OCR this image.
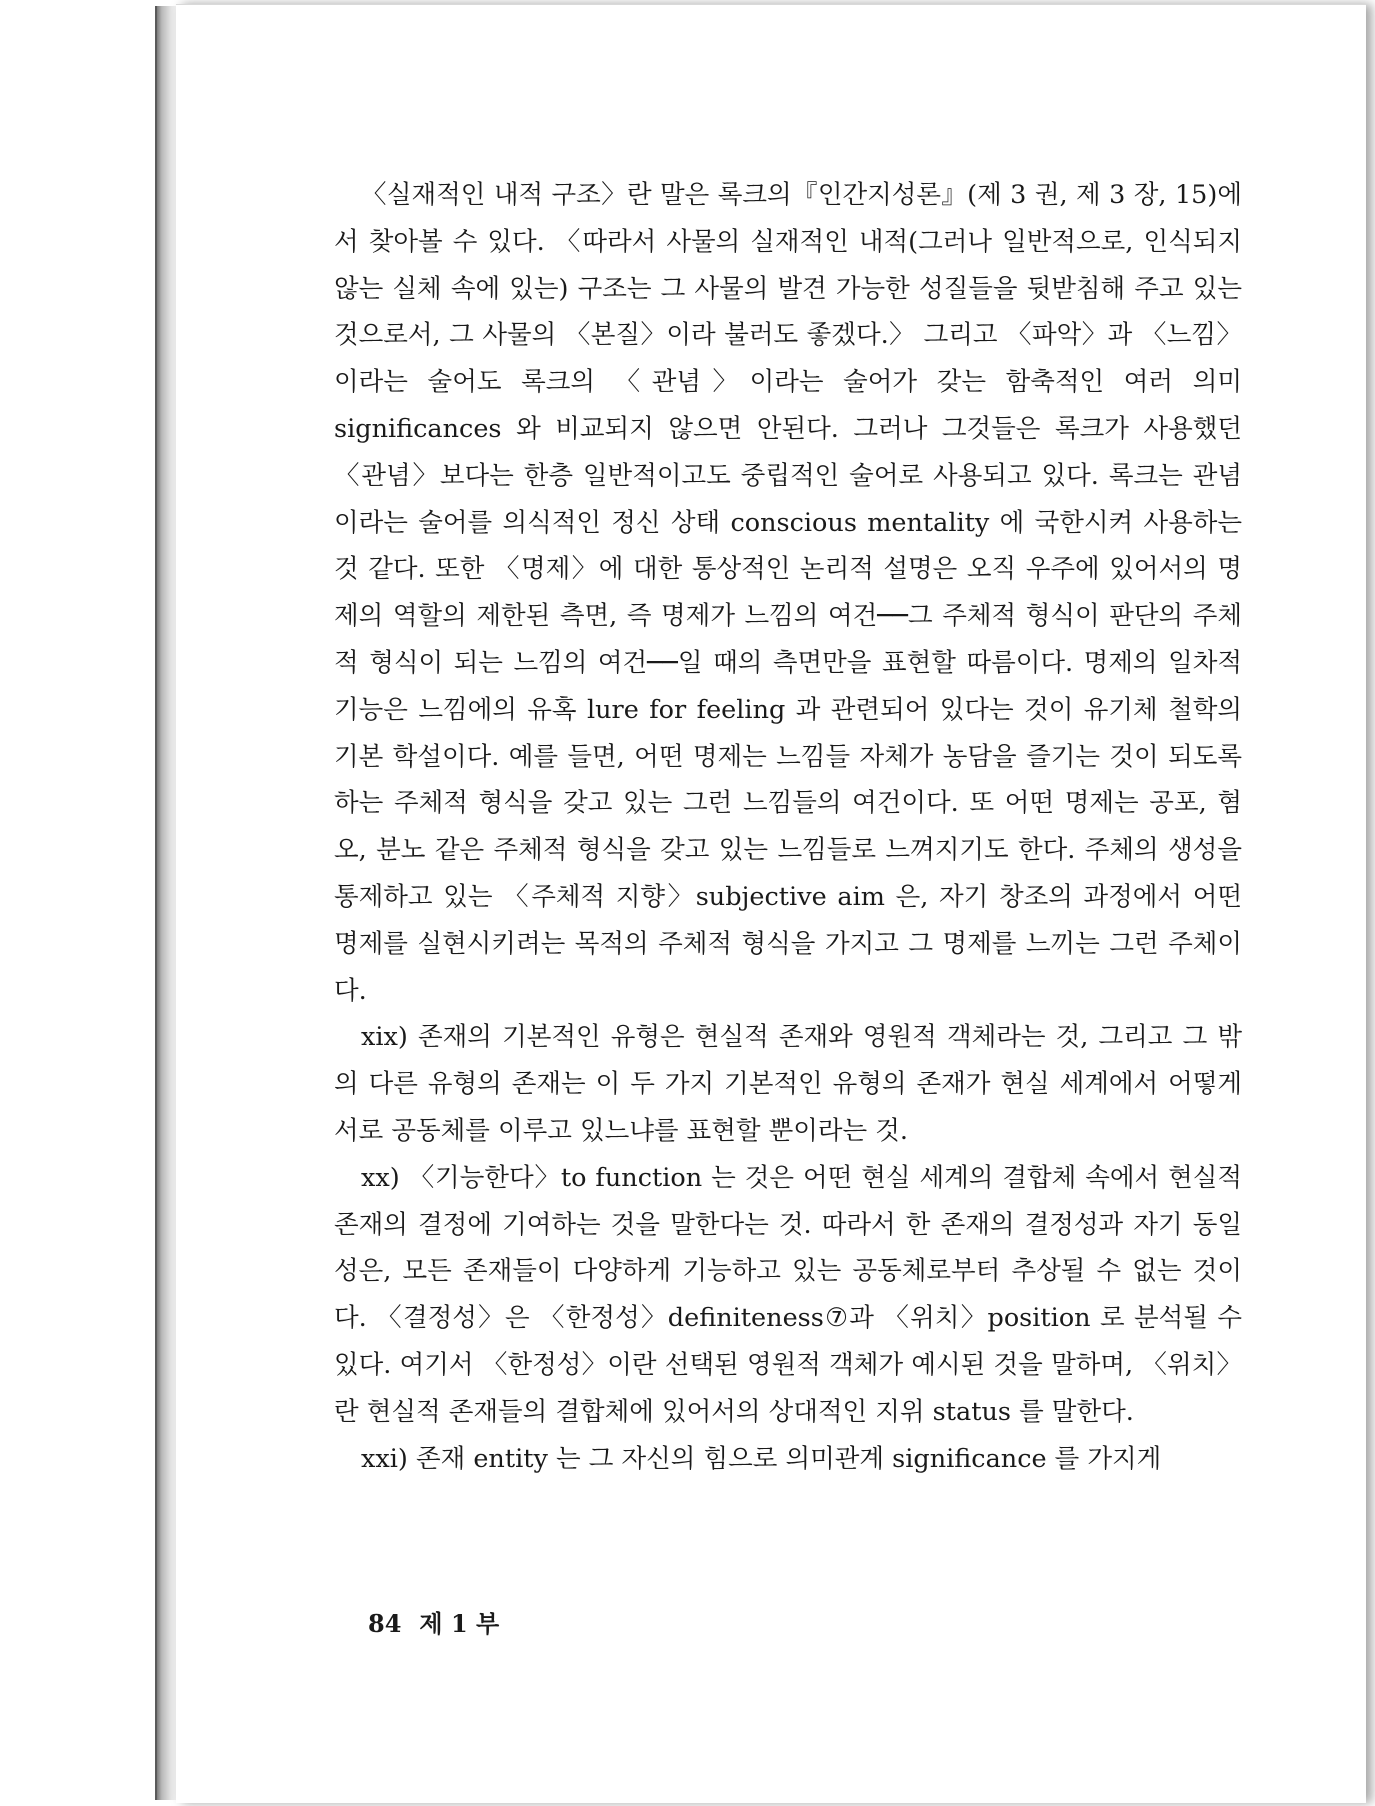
〈실재적인 내적 구조〉란 말은 록크의『인간지성론』(제 3 권, 제 3 장, 15)에서 찾아볼 수 있다. 〈따라서 사물의 실재적인 내적(그러나 일반적으로, 인식되지 않는 실체 속에 있는) 구조는 그 사물의 발견 가능한 성질들을 뒷받침해 주고 있는 것으로서, 그 사물의 〈본질〉이라 불러도 좋겠다.〉 그리고 〈파악〉과 〈느낌〉이라는 술어도 록크의 〈관념〉이라는 술어가 갖는 함축적인 여러 의미 significances 와 비교되지 않으면 안된다. 그러나 그것들은 록크가 사용했던 〈관념〉보다는 한층 일반적이고도 중립적인 술어로 사용되고 있다. 록크는 관념이라는 술어를 의식적인 정신 상태 conscious mentality 에 국한시켜 사용하는 것 같다. 또한 〈명제〉에 대한 통상적인 논리적 설명은 오직 우주에 있어서의 명제의 역할의 제한된 측면, 즉 명제가 느낌의 여건──그 주체적 형식이 판단의 주체적 형식이 되는 느낌의 여건──일 때의 측면만을 표현할 따름이다. 명제의 일차적 기능은 느낌에의 유혹 lure for feeling 과 관련되어 있다는 것이 유기체 철학의 기본 학설이다. 예를 들면, 어떤 명제는 느낌들 자체가 농담을 즐기는 것이 되도록 하는 주체적 형식을 갖고 있는 그런 느낌들의 여건이다. 또 어떤 명제는 공포, 혐오, 분노 같은 주체적 형식을 갖고 있는 느낌들로 느껴지기도 한다. 주체의 생성을 통제하고 있는 〈주체적 지향〉subjective aim 은, 자기 창조의 과정에서 어떤 명제를 실현시키려는 목적의 주체적 형식을 가지고 그 명제를 느끼는 그런 주체이다.

xix) 존재의 기본적인 유형은 현실적 존재와 영원적 객체라는 것, 그리고 그 밖의 다른 유형의 존재는 이 두 가지 기본적인 유형의 존재가 현실 세계에서 어떻게 서로 공동체를 이루고 있느냐를 표현할 뿐이라는 것.

xx) 〈기능한다〉to function 는 것은 어떤 현실 세계의 결합체 속에서 현실적 존재의 결정에 기여하는 것을 말한다는 것. 따라서 한 존재의 결정성과 자기 동일성은, 모든 존재들이 다양하게 기능하고 있는 공동체로부터 추상될 수 없는 것이다. 〈결정성〉은 〈한정성〉definiteness⑦과 〈위치〉position 로 분석될 수 있다. 여기서 〈한정성〉이란 선택된 영원적 객체가 예시된 것을 말하며, 〈위치〉란 현실적 존재들의 결합체에 있어서의 상대적인 지위 status 를 말한다.

xxi) 존재 entity 는 그 자신의 힘으로 의미관계 significance 를 가지게

84 제 1 부
